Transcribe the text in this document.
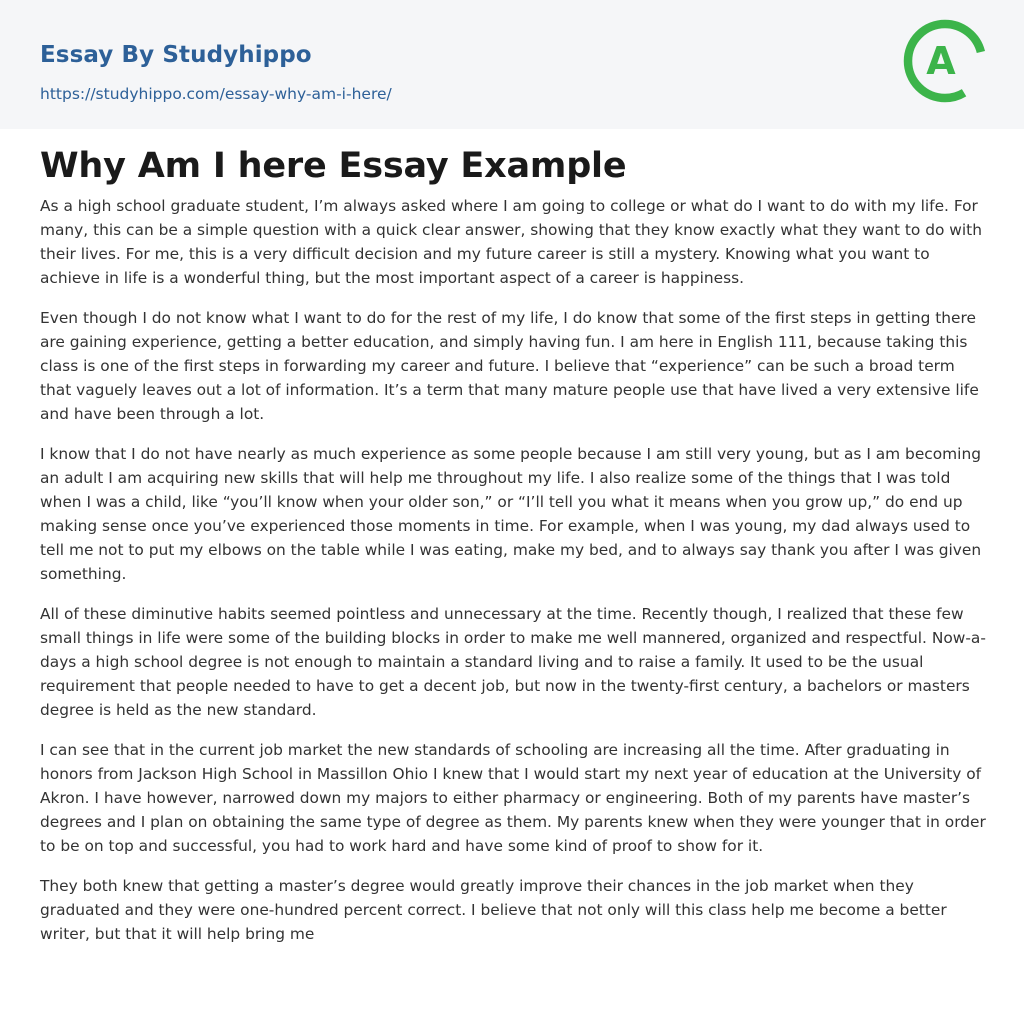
Essay By Studyhippo
https://studyhippo.com/essay-why-am-i-here/
A
Why Am I here Essay Example

As a high school graduate student, I’m always asked where I am going to college or what do I want to do with my life. For many, this can be a simple question with a quick clear answer, showing that they know exactly what they want to do with their lives. For me, this is a very difficult decision and my future career is still a mystery. Knowing what you want to achieve in life is a wonderful thing, but the most important aspect of a career is happiness.

Even though I do not know what I want to do for the rest of my life, I do know that some of the first steps in getting there are gaining experience, getting a better education, and simply having fun. I am here in English 111, because taking this class is one of the first steps in forwarding my career and future. I believe that “experience” can be such a broad term that vaguely leaves out a lot of information. It’s a term that many mature people use that have lived a very extensive life and have been through a lot.

I know that I do not have nearly as much experience as some people because I am still very young, but as I am becoming an adult I am acquiring new skills that will help me throughout my life. I also realize some of the things that I was told when I was a child, like “you’ll know when your older son,” or “I’ll tell you what it means when you grow up,” do end up making sense once you’ve experienced those moments in time. For example, when I was young, my dad always used to tell me not to put my elbows on the table while I was eating, make my bed, and to always say thank you after I was given something.

All of these diminutive habits seemed pointless and unnecessary at the time. Recently though, I realized that these few small things in life were some of the building blocks in order to make me well mannered, organized and respectful. Now-a-days a high school degree is not enough to maintain a standard living and to raise a family. It used to be the usual requirement that people needed to have to get a decent job, but now in the twenty-first century, a bachelors or masters degree is held as the new standard.

I can see that in the current job market the new standards of schooling are increasing all the time. After graduating in honors from Jackson High School in Massillon Ohio I knew that I would start my next year of education at the University of Akron. I have however, narrowed down my majors to either pharmacy or engineering. Both of my parents have master’s degrees and I plan on obtaining the same type of degree as them. My parents knew when they were younger that in order to be on top and successful, you had to work hard and have some kind of proof to show for it.

They both knew that getting a master’s degree would greatly improve their chances in the job market when they graduated and they were one-hundred percent correct. I believe that not only will this class help me become a better writer, but that it will help bring me
